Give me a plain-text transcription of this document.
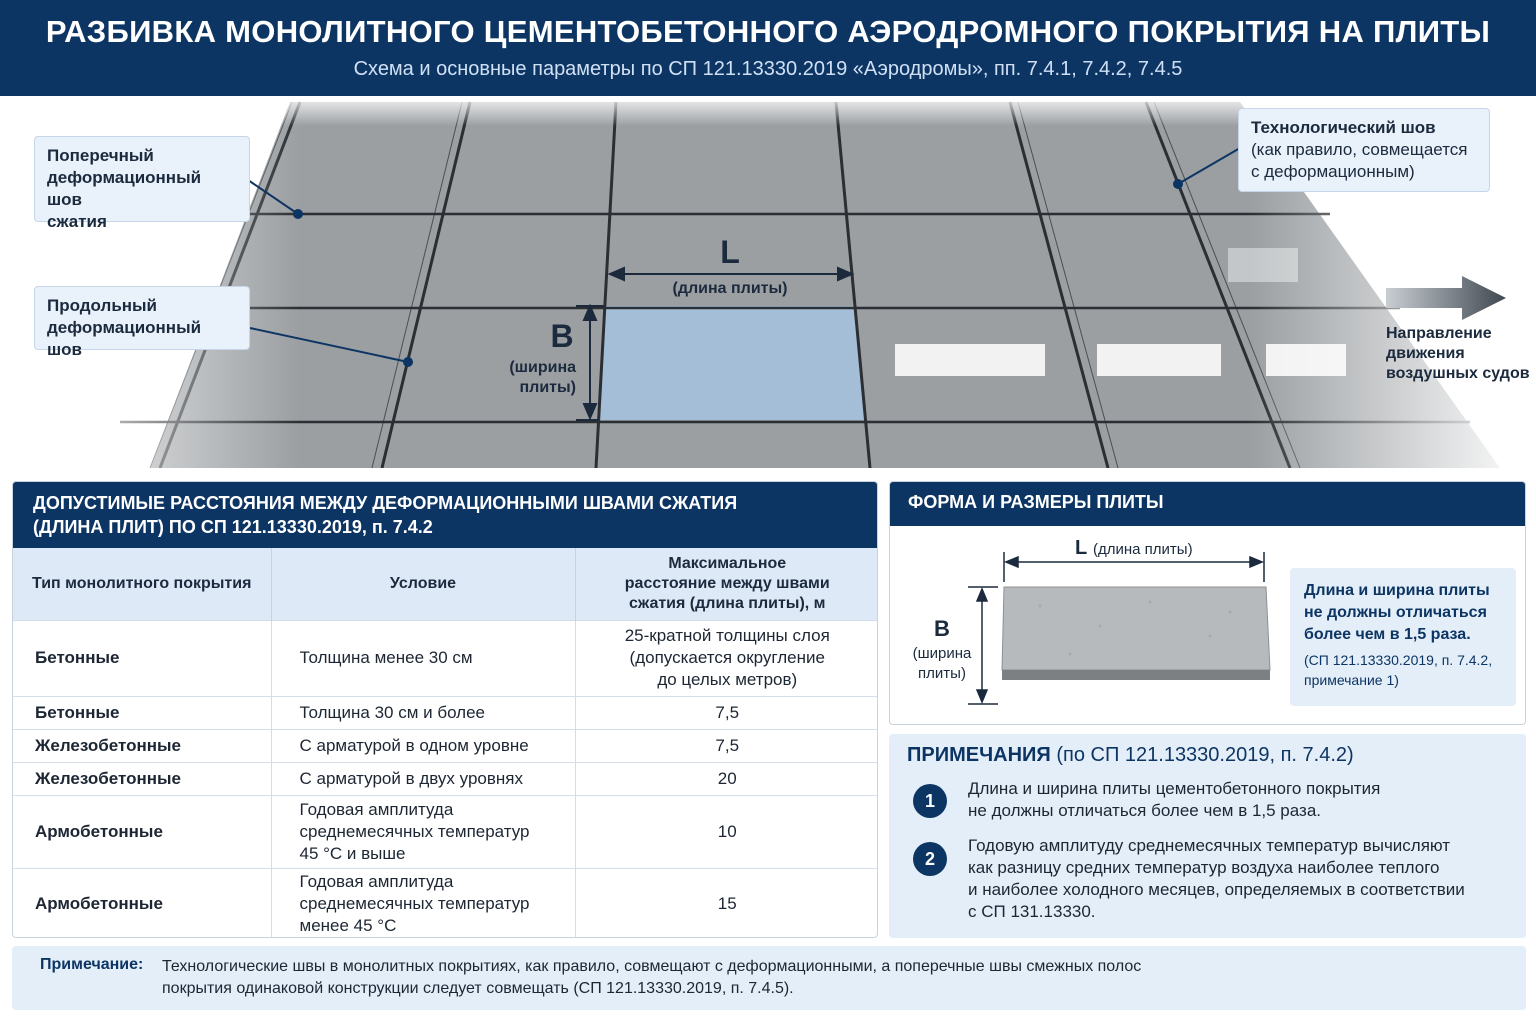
РАЗБИВКА МОНОЛИТНОГО ЦЕМЕНТОБЕТОННОГО АЭРОДРОМНОГО ПОКРЫТИЯ НА ПЛИТЫ
Схема и основные параметры по СП 121.13330.2019 «Аэродромы», пп. 7.4.1, 7.4.2, 7.4.5
Поперечный
деформационный шов
сжатия
Продольный
деформационный шов
Технологический шов
(как правило, совмещается
с деформационным)
L
(длина плиты)
B
(ширина
плиты)
Направление
движения
воздушных судов
ДОПУСТИМЫЕ РАССТОЯНИЯ МЕЖДУ ДЕФОРМАЦИОННЫМИ ШВАМИ СЖАТИЯ
(ДЛИНА ПЛИТ) ПО СП 121.13330.2019, п. 7.4.2
Тип монолитного покрытия	Условие	Максимальное
расстояние между швами
сжатия (длина плиты), м

Бетонные	Толщина менее 30 см	25-кратной толщины слоя
(допускается округление
до целых метров)

Бетонные	Толщина 30 см и более	7,5
Железобетонные	С арматурой в одном уровне	7,5
Железобетонные	С арматурой в двух уровнях	20
Армобетонные	Годовая амплитуда
среднемесячных температур
45 °С и выше	10
Армобетонные	Годовая амплитуда
среднемесячных температур
менее 45 °С	15
ФОРМА И РАЗМЕРЫ ПЛИТЫ
L (длина плиты)
B
(ширина
плиты)
Длина и ширина плиты
не должны отличаться
более чем в 1,5 раза.
(СП 121.13330.2019, п. 7.4.2,
примечание 1)
ПРИМЕЧАНИЯ (по СП 121.13330.2019, п. 7.4.2)
1
Длина и ширина плиты цементобетонного покрытия
не должны отличаться более чем в 1,5 раза.
2
Годовую амплитуду среднемесячных температур вычисляют
как разницу средних температур воздуха наиболее теплого
и наиболее холодного месяцев, определяемых в соответствии
с СП 131.13330.
Примечание: Технологические швы в монолитных покрытиях, как правило, совмещают с деформационными, а поперечные швы смежных полос
покрытия одинаковой конструкции следует совмещать (СП 121.13330.2019, п. 7.4.5).
